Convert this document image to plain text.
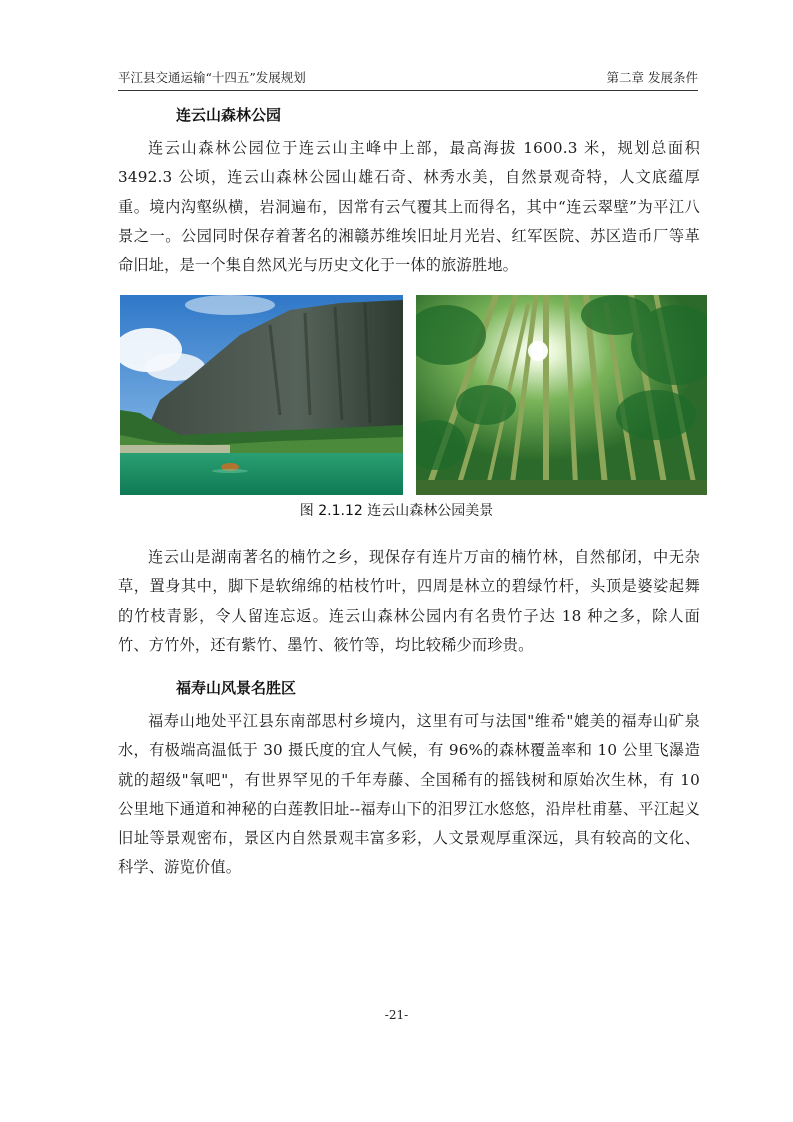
平江县交通运输“十四五”发展规划	第二章 发展条件
连云山森林公园

连云山森林公园位于连云山主峰中上部，最高海拔 1600.3 米，规划总面积 3492.3 公顷，连云山森林公园山雄石奇、林秀水美，自然景观奇特，人文底蕴厚重。境内沟壑纵横，岩洞遍布，因常有云气覆其上而得名，其中“连云翠壁”为平江八景之一。公园同时保存着著名的湘赣苏维埃旧址月光岩、红军医院、苏区造币厂等革命旧址，是一个集自然风光与历史文化于一体的旅游胜地。

图 2.1.12 连云山森林公园美景

连云山是湖南著名的楠竹之乡，现保存有连片万亩的楠竹林，自然郁闭，中无杂草，置身其中，脚下是软绵绵的枯枝竹叶，四周是林立的碧绿竹杆，头顶是婆娑起舞的竹枝青影，令人留连忘返。连云山森林公园内有名贵竹子达 18 种之多，除人面竹、方竹外，还有紫竹、墨竹、筱竹等，均比较稀少而珍贵。

福寿山风景名胜区

福寿山地处平江县东南部思村乡境内，这里有可与法国"维希"媲美的福寿山矿泉水，有极端高温低于 30 摄氏度的宜人气候，有 96%的森林覆盖率和 10 公里飞瀑造就的超级"氧吧"，有世界罕见的千年寿藤、全国稀有的摇钱树和原始次生林，有 10 公里地下通道和神秘的白莲教旧址--福寿山下的汨罗江水悠悠，沿岸杜甫墓、平江起义旧址等景观密布，景区内自然景观丰富多彩，人文景观厚重深远，具有较高的文化、科学、游览价值。

-21-
